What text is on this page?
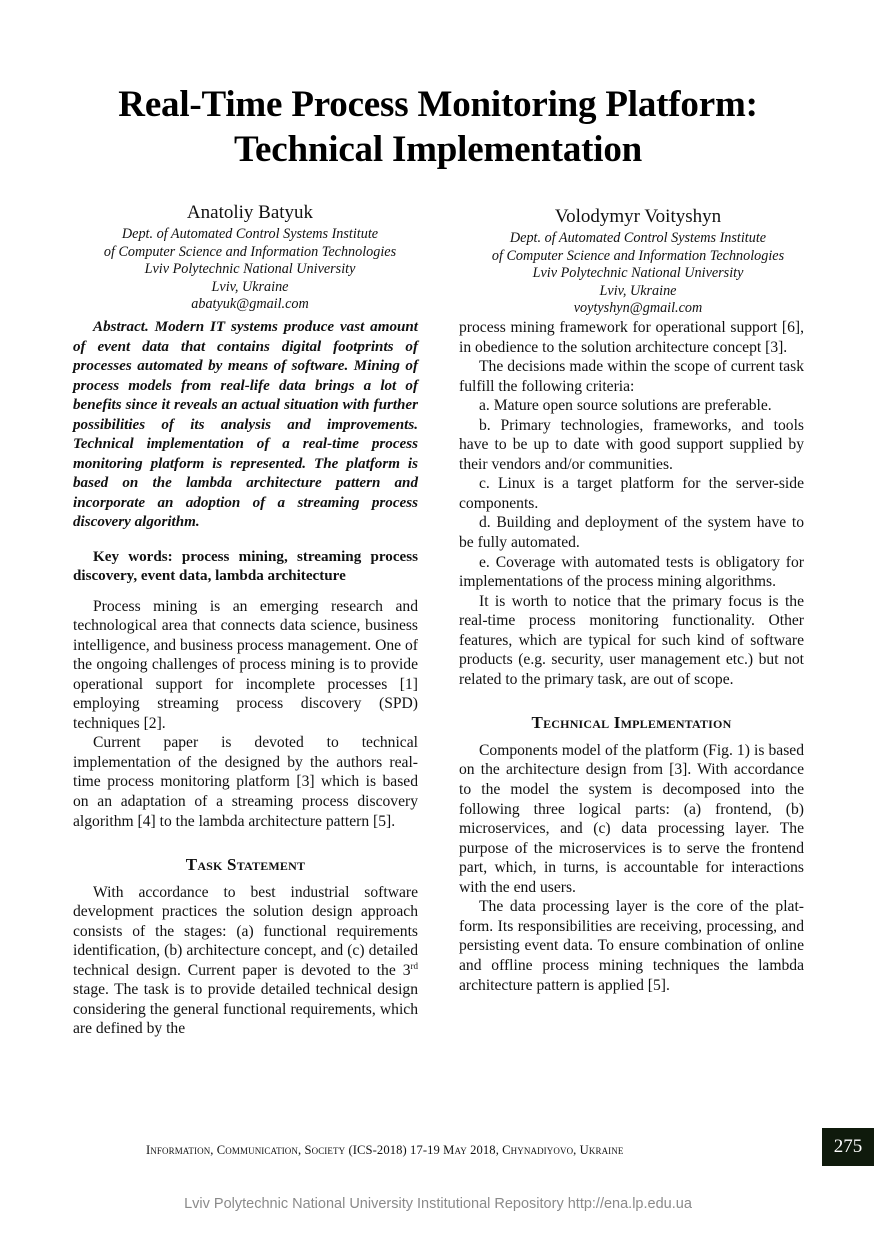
Real-Time Process Monitoring Platform:
Technical Implementation
Anatoliy Batyuk
Dept. of Automated Control Systems Institute
of Computer Science and Information Technologies
Lviv Polytechnic National University
Lviv, Ukraine
abatyuk@gmail.com
Volodymyr Voityshyn
Dept. of Automated Control Systems Institute
of Computer Science and Information Technologies
Lviv Polytechnic National University
Lviv, Ukraine
voytyshyn@gmail.com

Abstract. Modern IT systems produce vast amount of event data that contains digital footprints of processes automated by means of software. Mining of process models from real-life data brings a lot of benefits since it reveals an actual situation with further possibilities of its analysis and improvements. Technical implementation of a real-time process monitoring platform is represented. The platform is based on the lambda architecture pattern and incorporate an adoption of a streaming process discovery algorithm.

Key words: process mining, streaming process discovery, event data, lambda architecture

Process mining is an emerging research and technological area that connects data science, business intelligence, and business process management. One of the ongoing challenges of process mining is to provide operational support for incomplete processes [1] employing streaming process discovery (SPD) techniques [2].

Current paper is devoted to technical implementation of the designed by the authors real-time process monitoring platform [3] which is based on an adaptation of a streaming process discovery algorithm [4] to the lambda architecture pattern [5].

Task Statement

With accordance to best industrial software development practices the solution design approach consists of the stages: (a) functional requirements identification, (b) architecture concept, and (c) detailed technical design. Current paper is devoted to the 3rd stage. The task is to provide detailed technical design considering the general functional requirements, which are defined by the

process mining framework for operational support [6], in obedience to the solution architecture concept [3].

The decisions made within the scope of current task fulfill the following criteria:

a. Mature open source solutions are preferable.

b. Primary technologies, frameworks, and tools have to be up to date with good support supplied by their vendors and/or communities.

c. Linux is a target platform for the server-side components.

d. Building and deployment of the system have to be fully automated.

e. Coverage with automated tests is obligatory for implementations of the process mining algorithms.

It is worth to notice that the primary focus is the real-time process monitoring functionality. Other features, which are typical for such kind of software products (e.g. security, user management etc.) but not related to the primary task, are out of scope.

Technical Implementation

Components model of the platform (Fig. 1) is based on the architecture design from [3]. With accordance to the model the system is decomposed into the following three logical parts: (a) frontend, (b) microservices, and (c) data processing layer. The purpose of the microservices is to serve the frontend part, which, in turns, is accountable for interactions with the end users.

The data processing layer is the core of the platform. Its responsibilities are receiving, processing, and persisting event data. To ensure combination of online and offline process mining techniques the lambda architecture pattern is applied [5].

Information, Communication, Society (ICS-2018) 17-19 May 2018, Chynadiyovo, Ukraine	275
Lviv Polytechnic National University Institutional Repository http://ena.lp.edu.ua
